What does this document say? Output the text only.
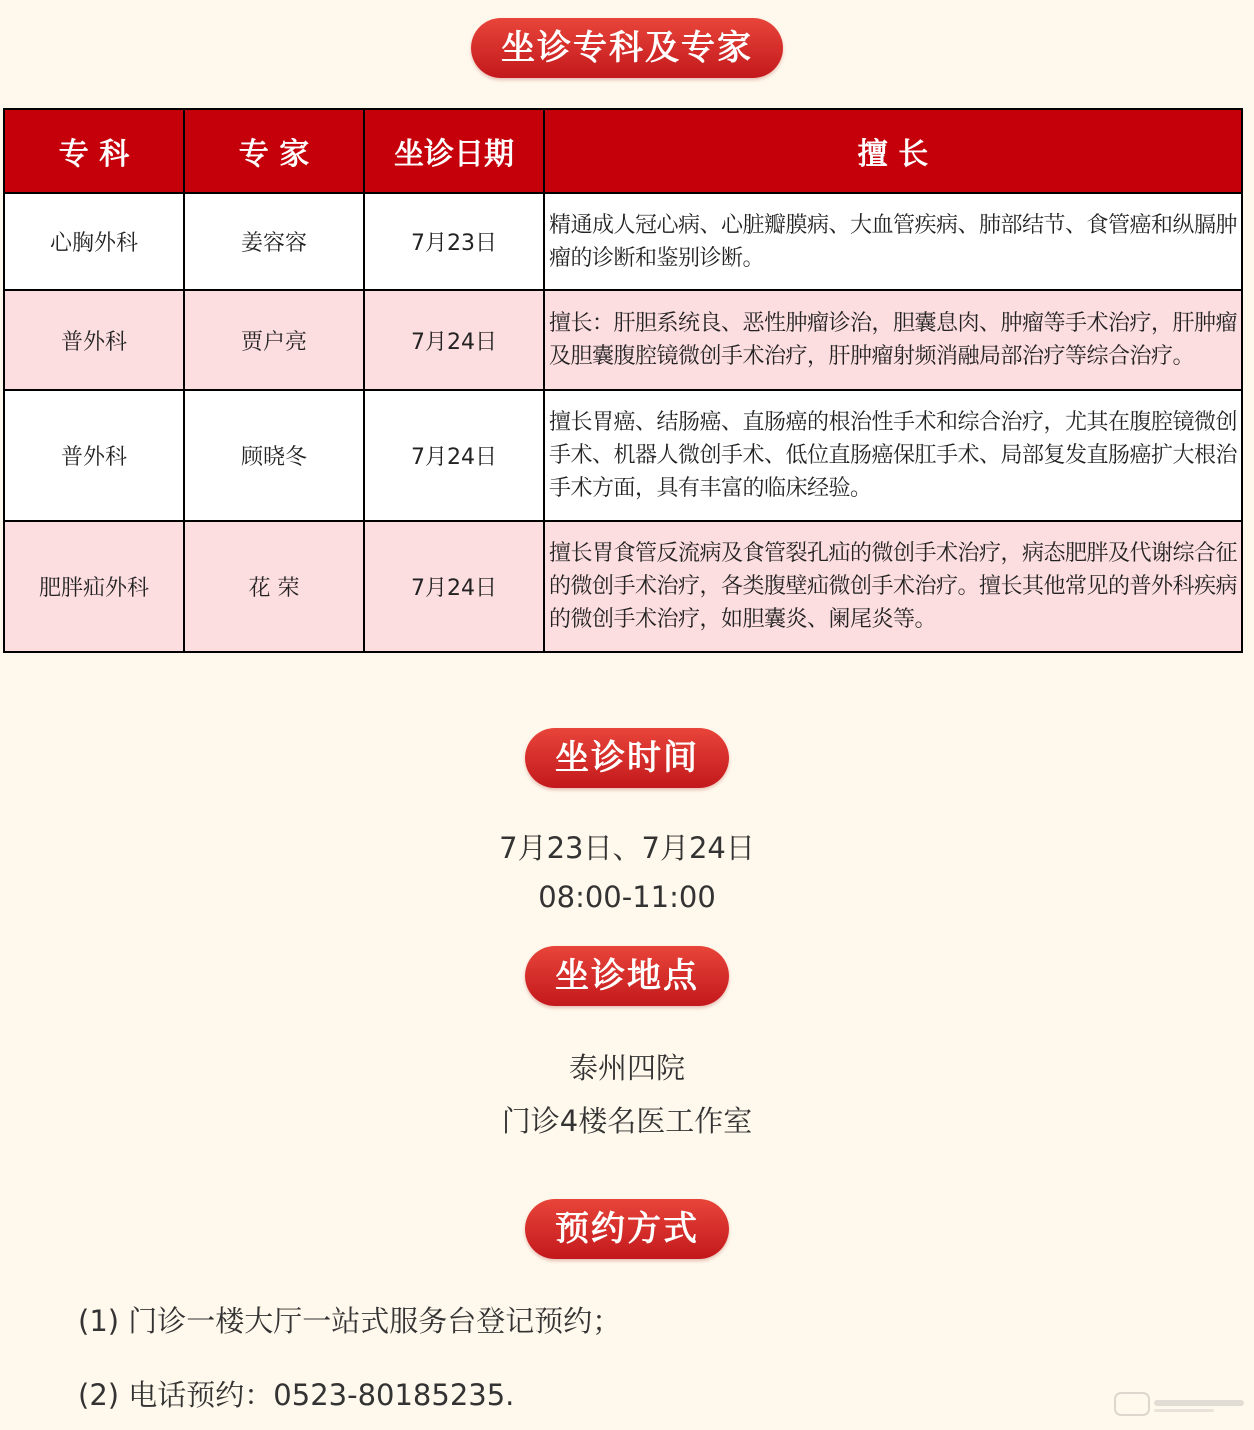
坐诊专科及专家
专 科	专 家	坐诊日期	擅 长
心胸外科	姜容容	7月23日	精通成人冠心病、心脏瓣膜病、大血管疾病、肺部结节、食管癌和纵膈肿瘤的诊断和鉴别诊断。
普外科	贾户亮	7月24日	擅长：肝胆系统良、恶性肿瘤诊治，胆囊息肉、肿瘤等手术治疗，肝肿瘤及胆囊腹腔镜微创手术治疗，肝肿瘤射频消融局部治疗等综合治疗。
普外科	顾晓冬	7月24日	擅长胃癌、结肠癌、直肠癌的根治性手术和综合治疗，尤其在腹腔镜微创手术、机器人微创手术、低位直肠癌保肛手术、局部复发直肠癌扩大根治手术方面，具有丰富的临床经验。
肥胖疝外科	花 荣	7月24日	擅长胃食管反流病及食管裂孔疝的微创手术治疗，病态肥胖及代谢综合征的微创手术治疗，各类腹壁疝微创手术治疗。擅长其他常见的普外科疾病的微创手术治疗，如胆囊炎、阑尾炎等。
坐诊时间
7月23日、7月24日
08:00-11:00
坐诊地点
泰州四院
门诊4楼名医工作室
预约方式
(1) 门诊一楼大厅一站式服务台登记预约；
(2) 电话预约：0523-80185235.
